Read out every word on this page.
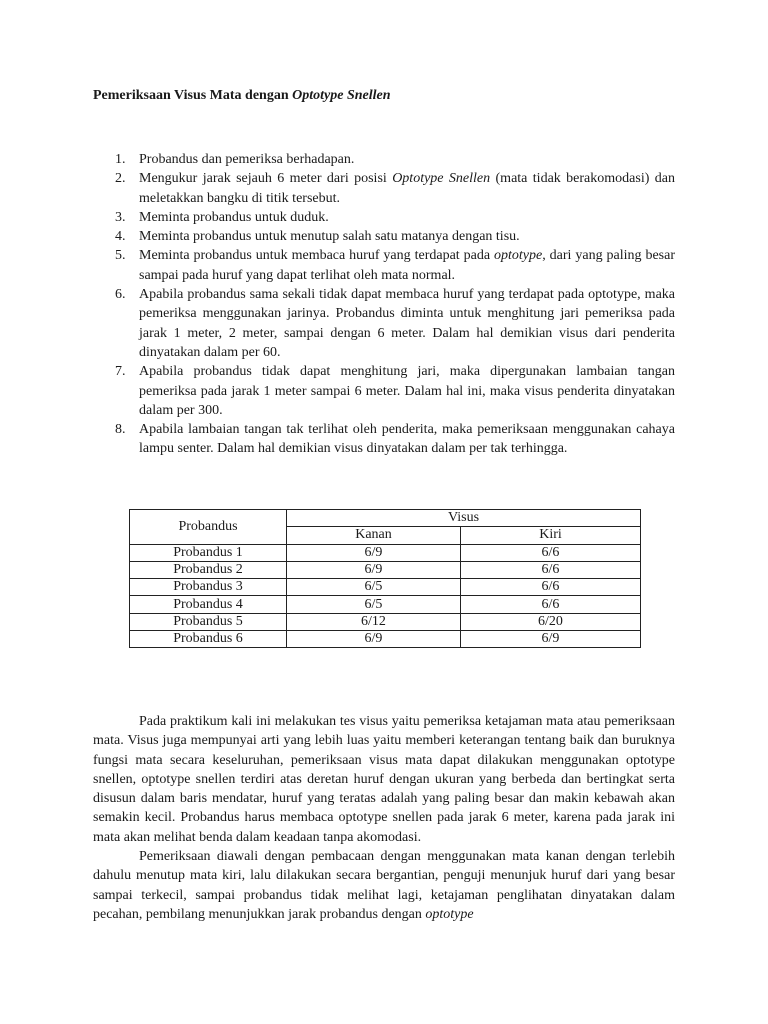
Pemeriksaan Visus Mata dengan Optotype Snellen
1. Probandus dan pemeriksa berhadapan.
2. Mengukur jarak sejauh 6 meter dari posisi Optotype Snellen (mata tidak berakomodasi) dan meletakkan bangku di titik tersebut.
3. Meminta probandus untuk duduk.
4. Meminta probandus untuk menutup salah satu matanya dengan tisu.
5. Meminta probandus untuk membaca huruf yang terdapat pada optotype, dari yang paling besar sampai pada huruf yang dapat terlihat oleh mata normal.
6. Apabila probandus sama sekali tidak dapat membaca huruf yang terdapat pada optotype, maka pemeriksa menggunakan jarinya. Probandus diminta untuk menghitung jari pemeriksa pada jarak 1 meter, 2 meter, sampai dengan 6 meter. Dalam hal demikian visus dari penderita dinyatakan dalam per 60.
7. Apabila probandus tidak dapat menghitung jari, maka dipergunakan lambaian tangan pemeriksa pada jarak 1 meter sampai 6 meter. Dalam hal ini, maka visus penderita dinyatakan dalam per 300.
8. Apabila lambaian tangan tak terlihat oleh penderita, maka pemeriksaan menggunakan cahaya lampu senter. Dalam hal demikian visus dinyatakan dalam per tak terhingga.
Probandus	Visus	
	Kanan	Kiri
Probandus 1	6/9	6/6
Probandus 2	6/9	6/6
Probandus 3	6/5	6/6
Probandus 4	6/5	6/6
Probandus 5	6/12	6/20
Probandus 6	6/9	6/9

Pada praktikum kali ini melakukan tes visus yaitu pemeriksa ketajaman mata atau pemeriksaan mata. Visus juga mempunyai arti yang lebih luas yaitu memberi keterangan tentang baik dan buruknya fungsi mata secara keseluruhan, pemeriksaan visus mata dapat dilakukan menggunakan optotype snellen, optotype snellen terdiri atas deretan huruf dengan ukuran yang berbeda dan bertingkat serta disusun dalam baris mendatar, huruf yang teratas adalah yang paling besar dan makin kebawah akan semakin kecil. Probandus harus membaca optotype snellen pada jarak 6 meter, karena pada jarak ini mata akan melihat benda dalam keadaan tanpa akomodasi.

Pemeriksaan diawali dengan pembacaan dengan menggunakan mata kanan dengan terlebih dahulu menutup mata kiri, lalu dilakukan secara bergantian, penguji menunjuk huruf dari yang besar sampai terkecil, sampai probandus tidak melihat lagi, ketajaman penglihatan dinyatakan dalam pecahan, pembilang menunjukkan jarak probandus dengan optotype
